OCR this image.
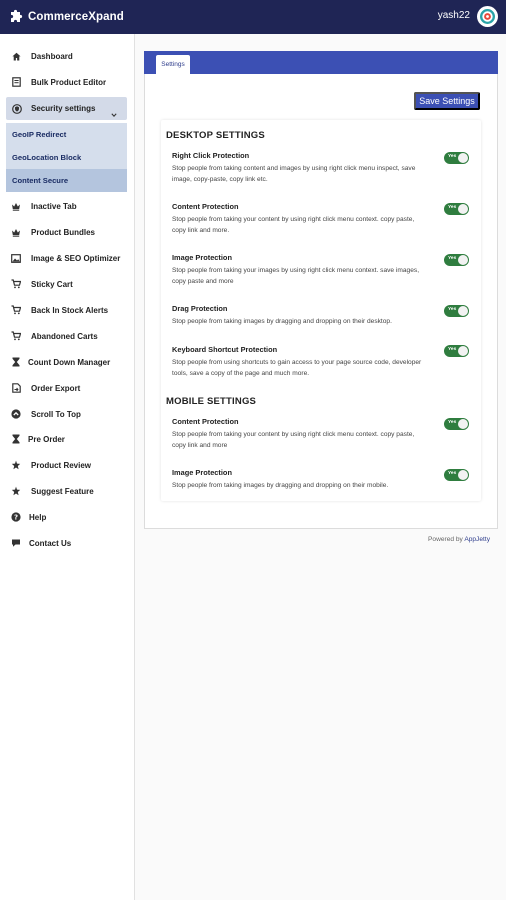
CommerceXpand	yash22
Dashboard
Bulk Product Editor
Security settings
GeoIP Redirect
GeoLocation Block
Content Secure
Inactive Tab
Product Bundles
Image & SEO Optimizer
Sticky Cart
Back In Stock Alerts
Abandoned Carts
Count Down Manager
Order Export
Scroll To Top
Pre Order
Product Review
Suggest Feature
? Help
Contact Us
Settings
Save Settings
DESKTOP SETTINGS
Right Click Protection
Stop people from taking content and images by using right click menu inspect, save image, copy-paste, copy link etc.
Yes
Content Protection
Stop people from taking your content by using right click menu context. copy paste, copy link and more.
Yes
Image Protection
Stop people from taking your images by using right click menu context. save images, copy paste and more
Yes
Drag Protection
Stop people from taking images by dragging and dropping on their desktop.
Yes
Keyboard Shortcut Protection
Stop people from using shortcuts to gain access to your page source code, developer tools, save a copy of the page and much more.
Yes
MOBILE SETTINGS
Content Protection
Stop people from taking your content by using right click menu context. copy paste, copy link and more
Yes
Image Protection
Stop people from taking images by dragging and dropping on their mobile.
Yes
Powered by AppJetty
